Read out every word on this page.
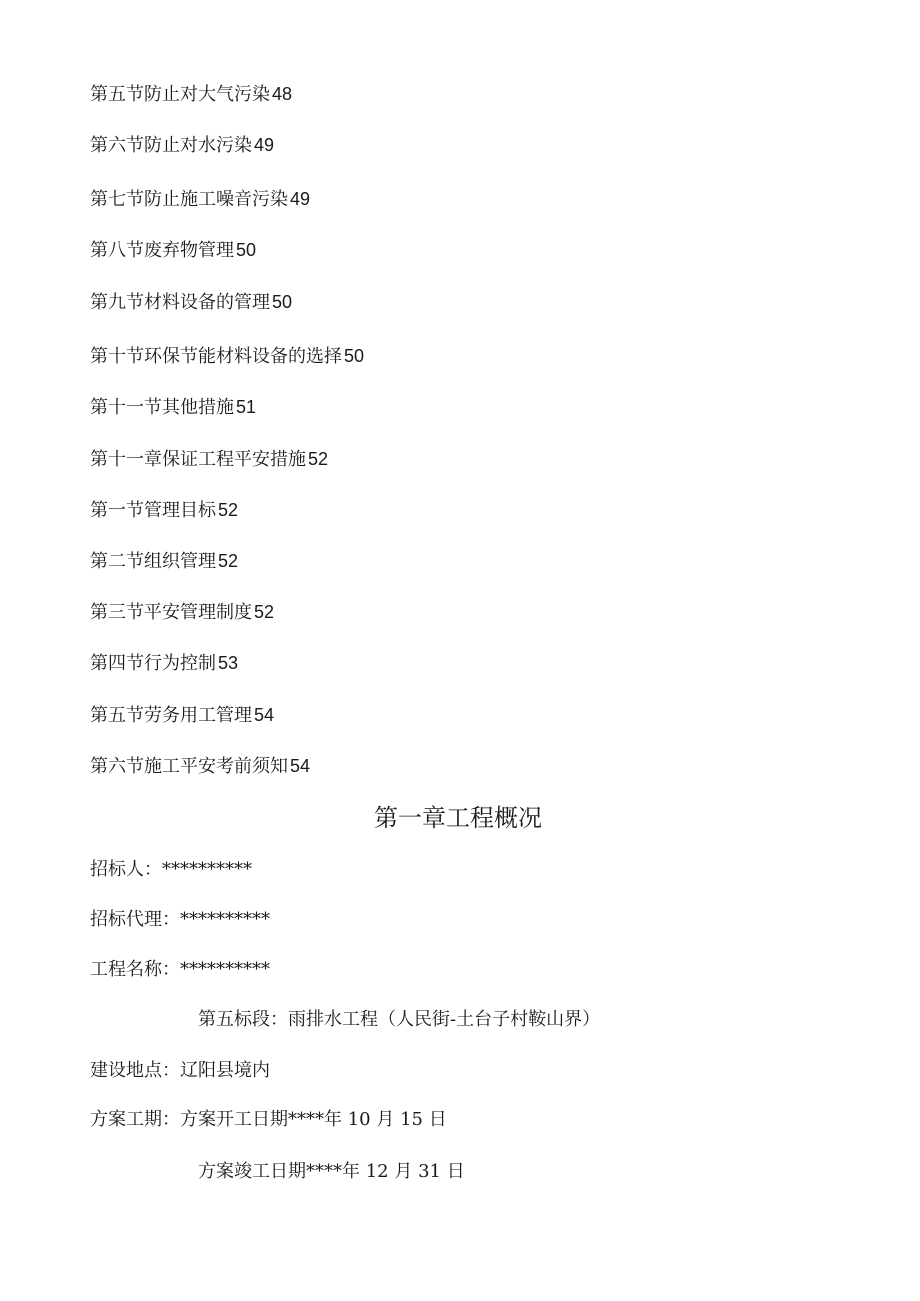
第五节防止对大气污染 48
第六节防止对水污染 49
第七节防止施工噪音污染 49
第八节废弃物管理 50
第九节材料设备的管理 50
第十节环保节能材料设备的选择 50
第十一节其他措施 51
第十一章保证工程平安措施 52
第一节管理目标 52
第二节组织管理 52
第三节平安管理制度 52
第四节行为控制 53
第五节劳务用工管理 54
第六节施工平安考前须知 54
第一章工程概况
招标人：**********
招标代理：**********
工程名称：**********
第五标段：雨排水工程（人民街-土台子村鞍山界）
建设地点：辽阳县境内
方案工期：方案开工日期****年 10 月 15 日
方案竣工日期****年 12 月 31 日
